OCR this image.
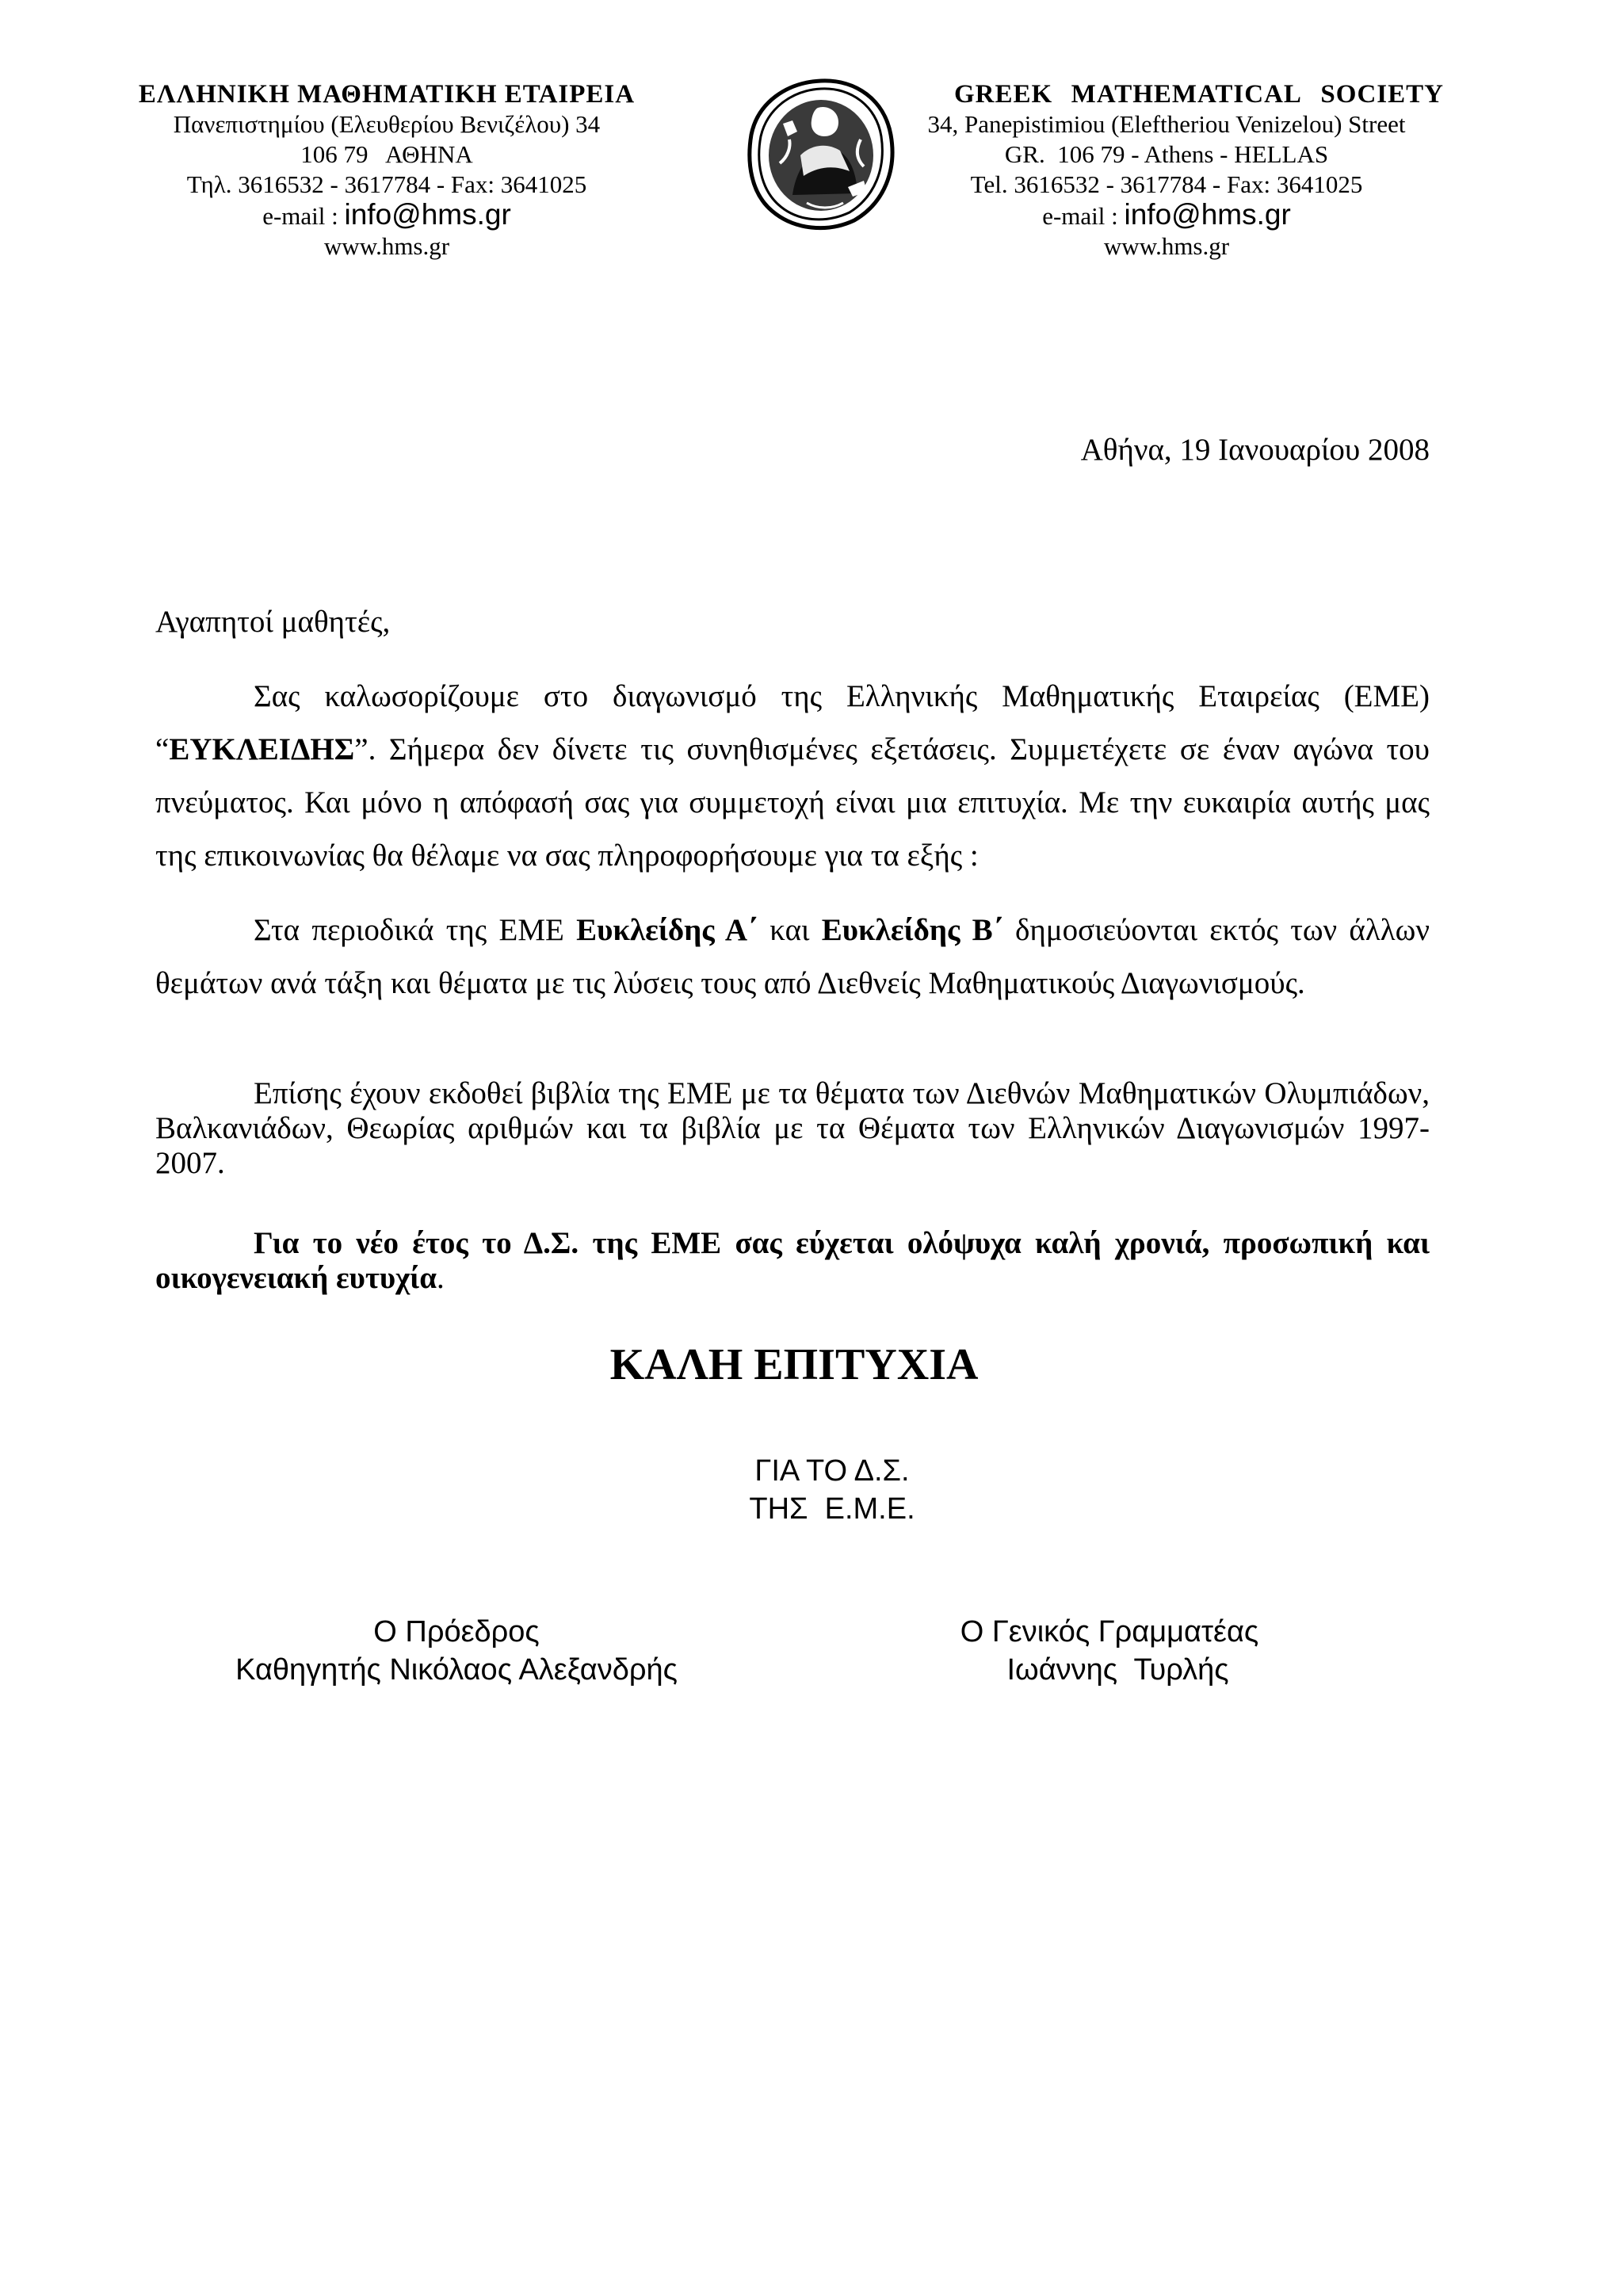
ΕΛΛΗΝΙΚΗ ΜΑΘΗΜΑΤΙΚΗ ΕΤΑΙΡΕΙΑ
Πανεπιστημίου (Ελευθερίου Βενιζέλου) 34
106 79   ΑΘΗΝΑ
Τηλ. 3616532 - 3617784 - Fax: 3641025
e-mail : info@hms.gr
www.hms.gr
GREEK MATHEMATICAL SOCIETY
34, Panepistimiou (Eleftheriou Venizelou) Street
GR.  106 79 - Athens - HELLAS
Tel. 3616532 - 3617784 - Fax: 3641025
e-mail : info@hms.gr
www.hms.gr
Αθήνα, 19 Ιανουαρίου 2008
Αγαπητοί μαθητές,

Σας καλωσορίζουμε στο διαγωνισμό της Ελληνικής Μαθηματικής Εταιρείας (ΕΜΕ) “ΕΥΚΛΕΙΔΗΣ”. Σήμερα δεν δίνετε τις συνηθισμένες εξετάσεις. Συμμετέχετε σε έναν αγώνα του πνεύματος. Και μόνο η απόφασή σας για συμμετοχή είναι μια επιτυχία. Με την ευκαιρία αυτής μας της επικοινωνίας θα θέλαμε να σας πληροφορήσουμε για τα εξής :

Στα περιοδικά της ΕΜΕ Ευκλείδης Α΄ και Ευκλείδης Β΄ δημοσιεύονται εκτός των άλλων θεμάτων ανά τάξη και θέματα με τις λύσεις τους από Διεθνείς Μαθηματικούς Διαγωνισμούς.

Επίσης έχουν εκδοθεί βιβλία της ΕΜΕ με τα θέματα των Διεθνών Μαθηματικών Ολυμπιάδων, Βαλκανιάδων, Θεωρίας αριθμών και τα βιβλία με τα Θέματα των Ελληνικών Διαγωνισμών 1997-2007.

Για το νέο έτος το Δ.Σ. της ΕΜΕ σας εύχεται ολόψυχα καλή χρονιά, προσωπική και οικογενειακή ευτυχία.

ΚΑΛΗ ΕΠΙΤΥΧΙΑ
ΓΙΑ ΤΟ Δ.Σ.
ΤΗΣ  Ε.Μ.Ε.
Ο Πρόεδρος
Καθηγητής Νικόλαος Αλεξανδρής
Ο Γενικός Γραμματέας
Ιωάννης  Τυρλής
